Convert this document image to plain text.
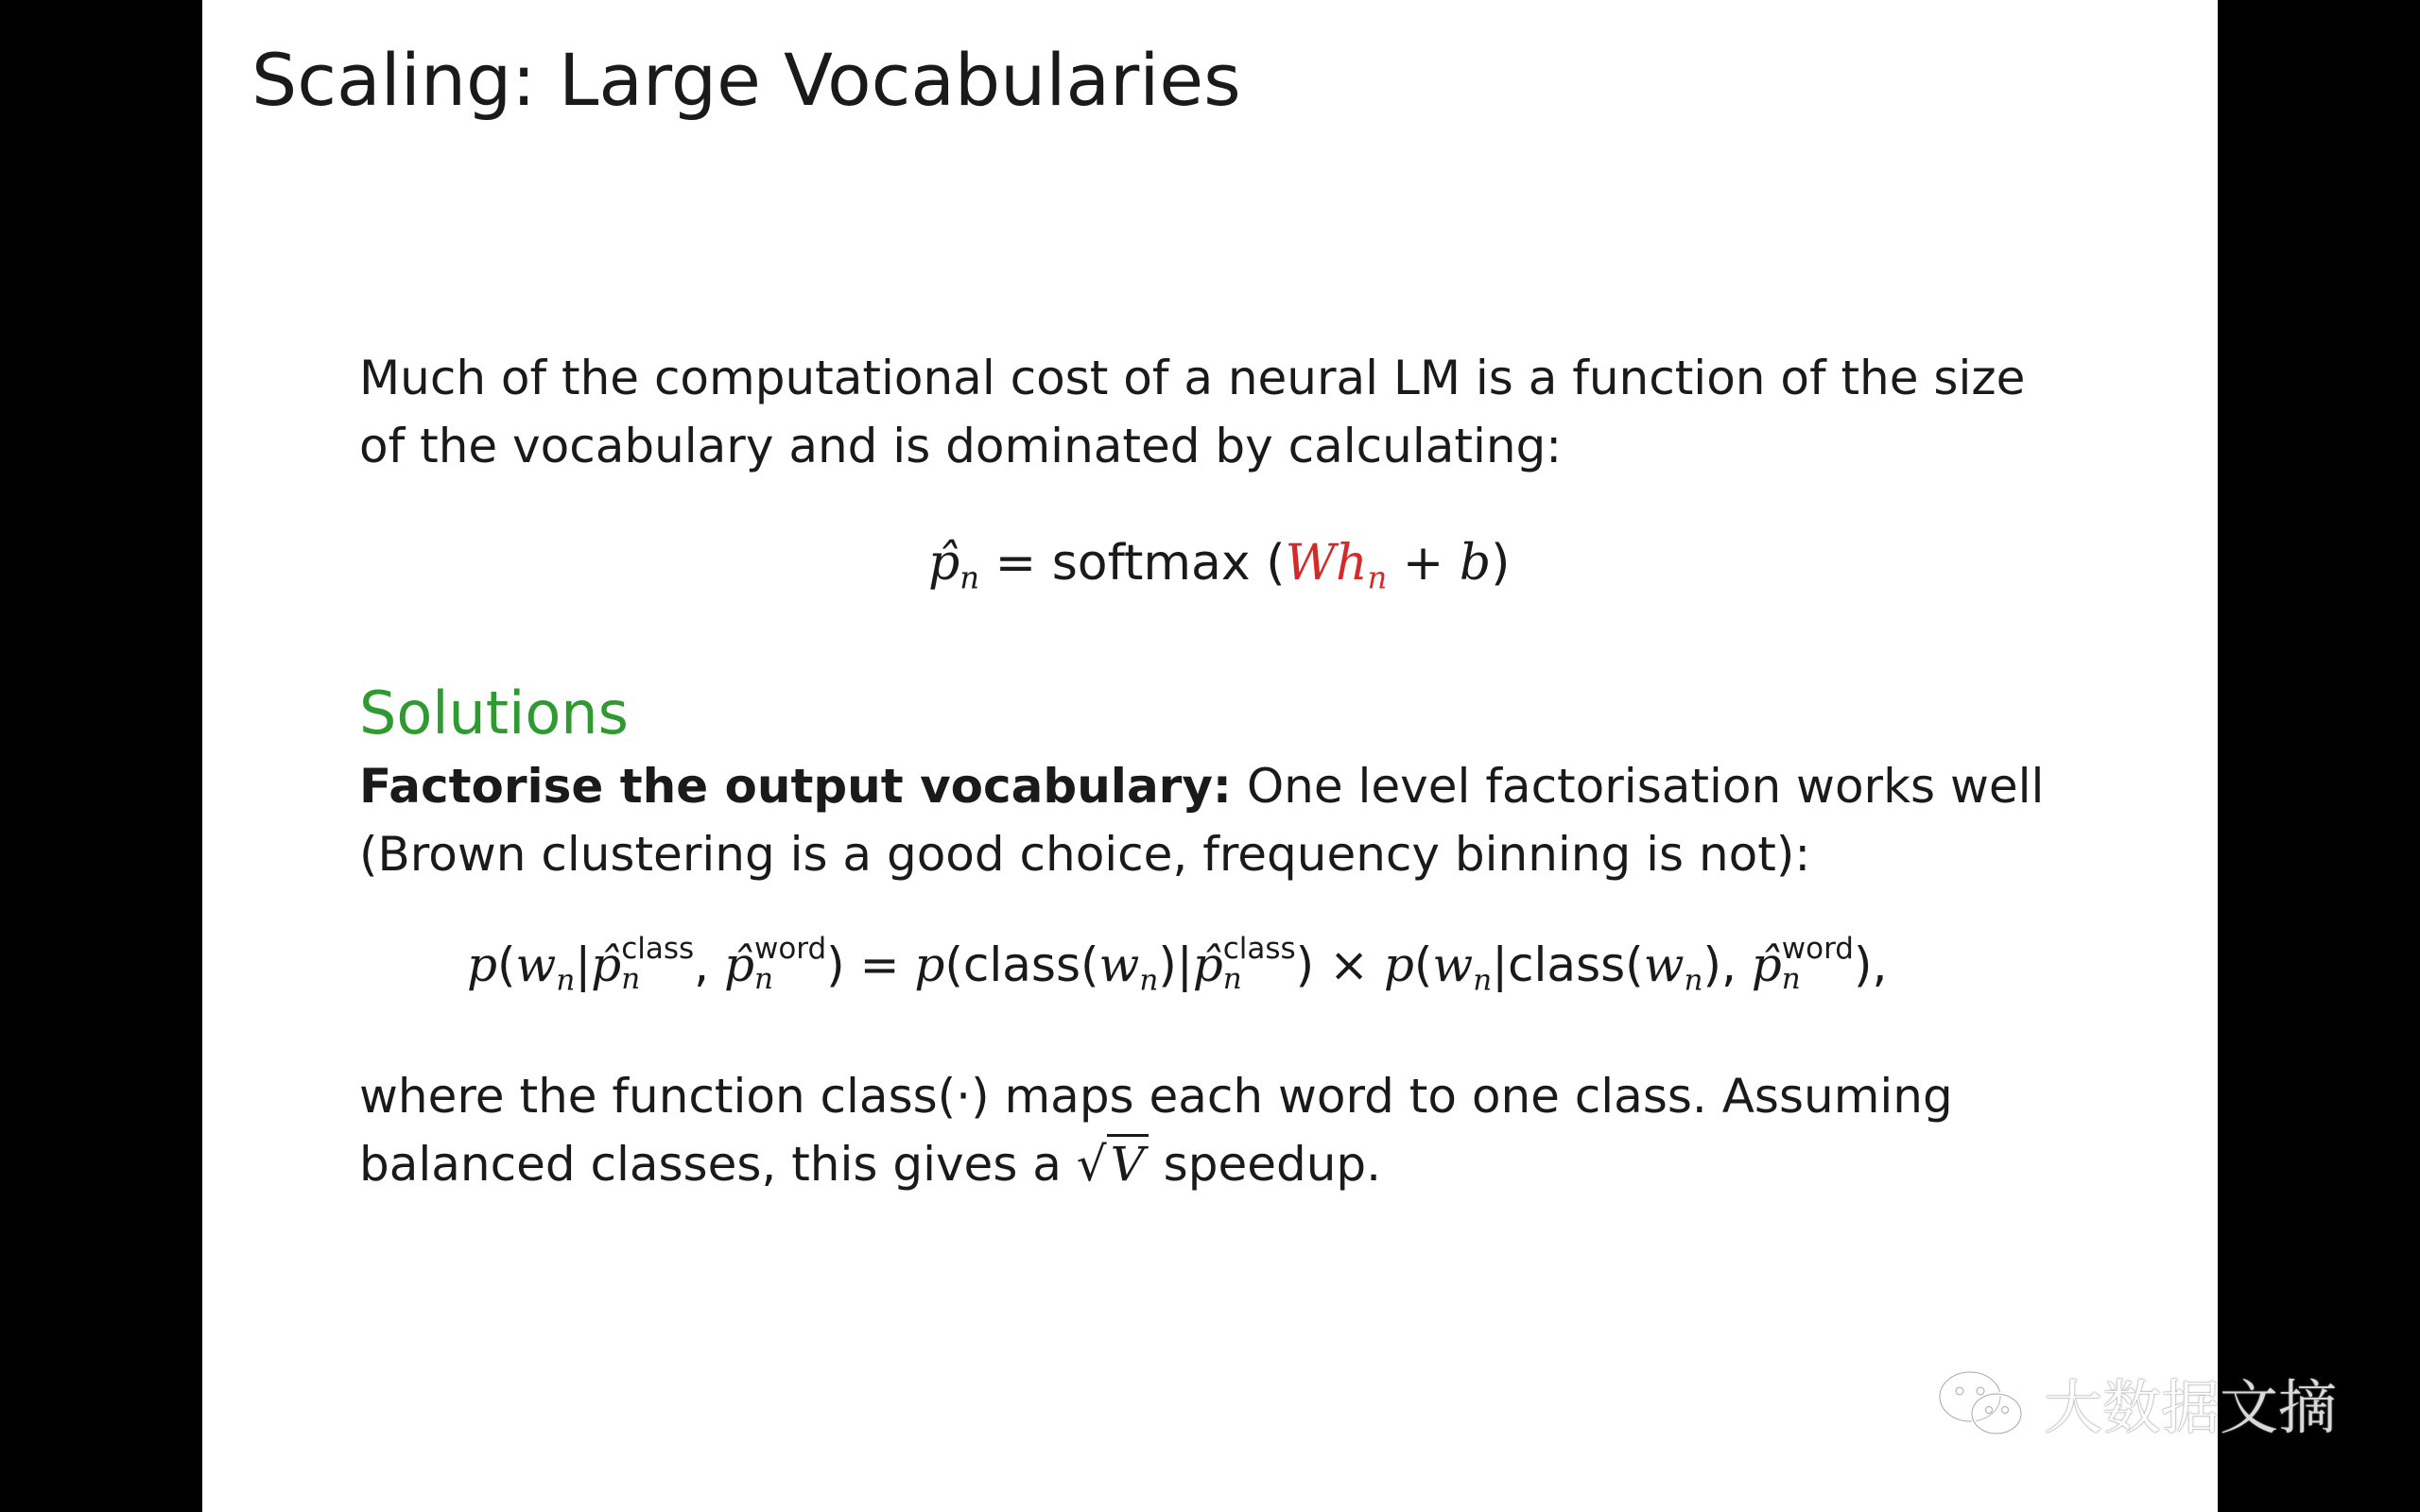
Scaling: Large Vocabularies
Much of the computational cost of a neural LM is a function of the size
of the vocabulary and is dominated by calculating:
$p̂_n$ = softmax $(Wh_n + b)$
Solutions
Factorise the output vocabulary: One level factorisation works well
(Brown clustering is a good choice, frequency binning is not):
$p(w_n|p̂$ class
n	, p̂ word
n	) = $p(class(w_n)|p̂$ class
n	) × $p(w_n|class(w_n)$, p̂ word
n	),
where the function class(·) maps each word to one class. Assuming
balanced classes, this gives a √V speedup.
大数据文摘
